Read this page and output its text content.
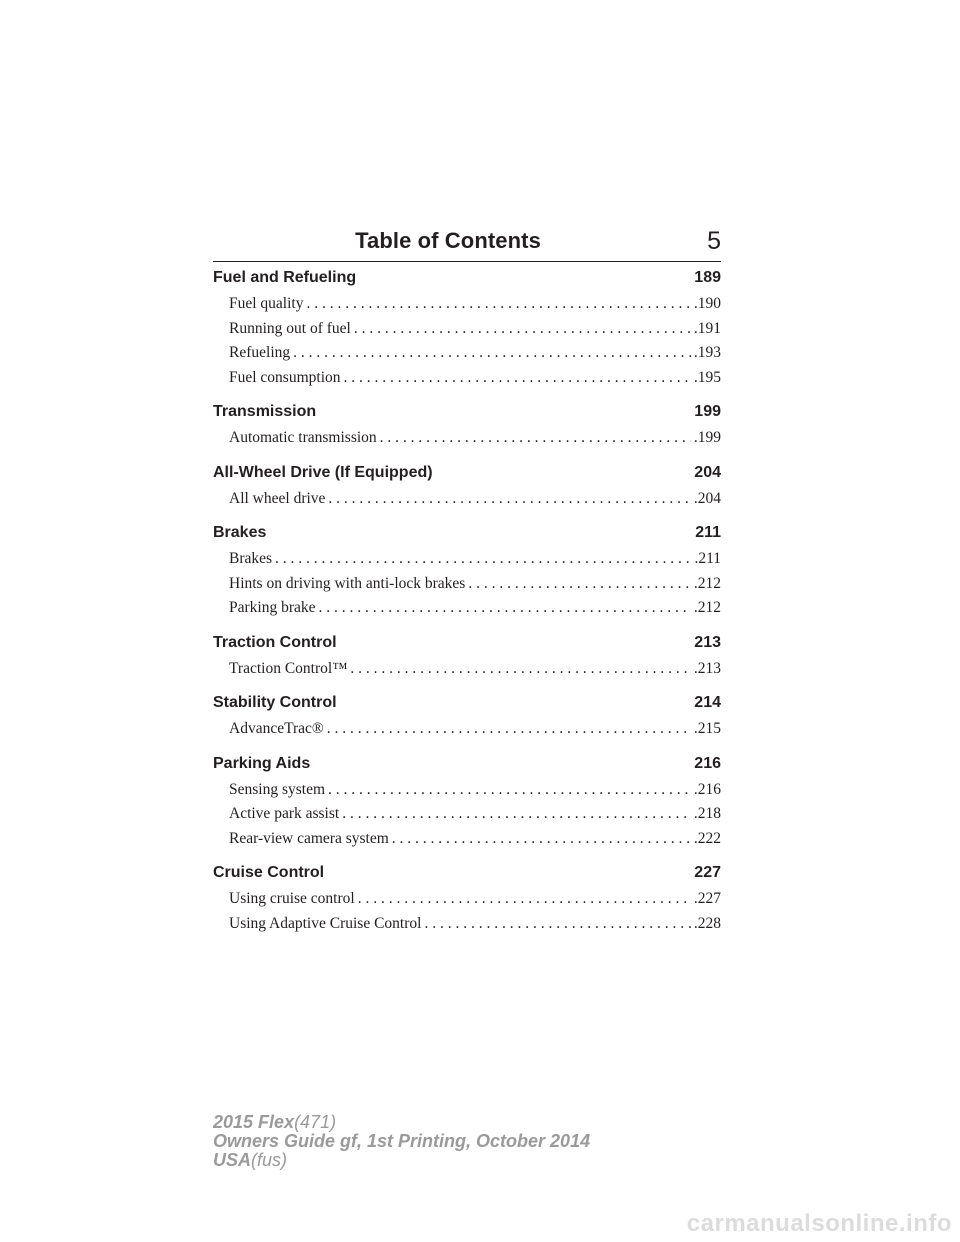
Table of Contents	5
Fuel and Refueling	189
Fuel quality . . .	.190
Running out of fuel . . .	.191
Refueling . . .	.193
Fuel consumption . . .	.195
Transmission	199
Automatic transmission . . .	.199
All-Wheel Drive (If Equipped)	204
All wheel drive . . .	.204
Brakes	211
Brakes . . .	.211
Hints on driving with anti-lock brakes . . .	.212
Parking brake . . .	.212
Traction Control	213
Traction Control™ . . .	.213
Stability Control	214
AdvanceTrac® . . .	.215
Parking Aids	216
Sensing system . . .	.216
Active park assist . . .	.218
Rear-view camera system . . .	.222
Cruise Control	227
Using cruise control . . .	.227
Using Adaptive Cruise Control . . .	.228
2015 Flex(471)
Owners Guide gf, 1st Printing, October 2014
USA(fus)
carmanualsonline.info
